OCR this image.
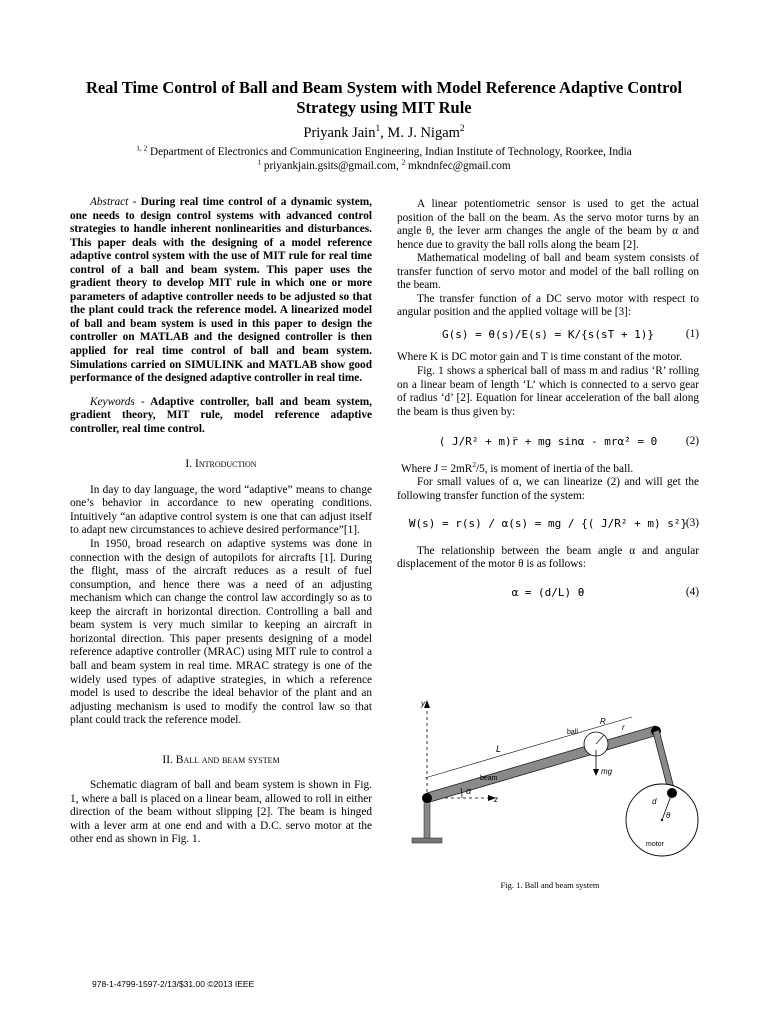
Real Time Control of Ball and Beam System with Model Reference Adaptive Control Strategy using MIT Rule
Priyank Jain$^1$, M. J. Nigam$^2$
$^{1, 2}$ Department of Electronics and Communication Engineering, Indian Institute of Technology, Roorkee, India
$^1$ priyankjain.gsits@gmail.com, $^2$ mkndnfec@gmail.com

Abstract - During real time control of a dynamic system, one needs to design control systems with advanced control strategies to handle inherent nonlinearities and disturbances. This paper deals with the designing of a model reference adaptive control system with the use of MIT rule for real time control of a ball and beam system. This paper uses the gradient theory to develop MIT rule in which one or more parameters of adaptive controller needs to be adjusted so that the plant could track the reference model. A linearized model of ball and beam system is used in this paper to design the controller on MATLAB and the designed controller is then applied for real time control of ball and beam system. Simulations carried on SIMULINK and MATLAB show good performance of the designed adaptive controller in real time.

Keywords - Adaptive controller, ball and beam system, gradient theory, MIT rule, model reference adaptive controller, real time control.

I. Introduction

In day to day language, the word “adaptive” means to change one’s behavior in accordance to new operating conditions. Intuitively “an adaptive control system is one that can adjust itself to adapt new circumstances to achieve desired performance”[1].

In 1950, broad research on adaptive systems was done in connection with the design of autopilots for aircrafts [1]. During the flight, mass of the aircraft reduces as a result of fuel consumption, and hence there was a need of an adjusting mechanism which can change the control law accordingly so as to keep the aircraft in horizontal direction. Controlling a ball and beam system is very much similar to keeping an aircraft in horizontal direction. This paper presents designing of a model reference adaptive controller (MRAC) using MIT rule to control a ball and beam system in real time. MRAC strategy is one of the widely used types of adaptive strategies, in which a reference model is used to describe the ideal behavior of the plant and an adjusting mechanism is used to modify the control law so that plant could track the reference model.

II. Ball and beam system

Schematic diagram of ball and beam system is shown in Fig. 1, where a ball is placed on a linear beam, allowed to roll in either direction of the beam without slipping [2]. The beam is hinged with a lever arm at one end and with a D.C. servo motor at the other end as shown in Fig. 1.

A linear potentiometric sensor is used to get the actual position of the ball on the beam. As the servo motor turns by an angle θ, the lever arm changes the angle of the beam by α and hence due to gravity the ball rolls along the beam [2].

Mathematical modeling of ball and beam system consists of transfer function of servo motor and model of the ball rolling on the beam.

The transfer function of a DC servo motor with respect to angular position and the applied voltage will be [3]:

G(s) = θ(s)/E(s) = K/{s(sT + 1)}	(1)

Where K is DC motor gain and T is time constant of the motor.

Fig. 1 shows a spherical ball of mass m and radius ‘R’ rolling on a linear beam of length ‘L’ which is connected to a servo gear of radius ‘d’ [2]. Equation for linear acceleration of the ball along the beam is thus given by:

( J/R² + m)r̈ + mg sinα - mrα̇² = 0	(2)

Where $J = 2mR^2/5$, is moment of inertia of the ball.

For small values of α, we can linearize (2) and will get the following transfer function of the system:

W(s) = r(s) / α(s) = mg / {( J/R² + m) s²}
(3)

The relationship between the beam angle α and angular displacement of the motor θ is as follows:

α = (d/L) θ	(4)
y
z
L
ball
R
r
mg
beam
α
d
θ
motor
Fig. 1. Ball and beam system
978-1-4799-1597-2/13/$31.00 ©2013 IEEE
